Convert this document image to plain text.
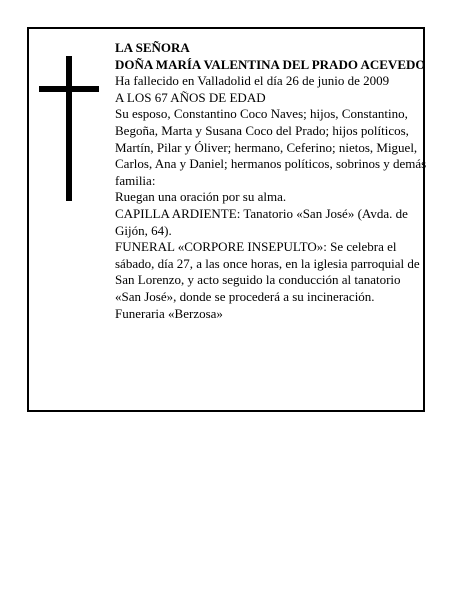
LA SEÑORA

DOÑA MARÍA VALENTINA DEL PRADO ACEVEDO

Ha fallecido en Valladolid el día 26 de junio de 2009

A LOS 67 AÑOS DE EDAD

Su esposo, Constantino Coco Naves; hijos, Constantino, Begoña, Marta y Susana Coco del Prado; hijos políticos, Martín, Pilar y Óliver; hermano, Ceferino; nietos, Miguel, Carlos, Ana y Daniel; hermanos políticos, sobrinos y demás familia:

Ruegan una oración por su alma.

CAPILLA ARDIENTE: Tanatorio «San José» (Avda. de Gijón, 64).

FUNERAL «CORPORE INSEPULTO»: Se celebra el sábado, día 27, a las once horas, en la iglesia parroquial de San Lorenzo, y acto seguido la conducción al tanatorio «San José», donde se procederá a su incineración.

Funeraria «Berzosa»
